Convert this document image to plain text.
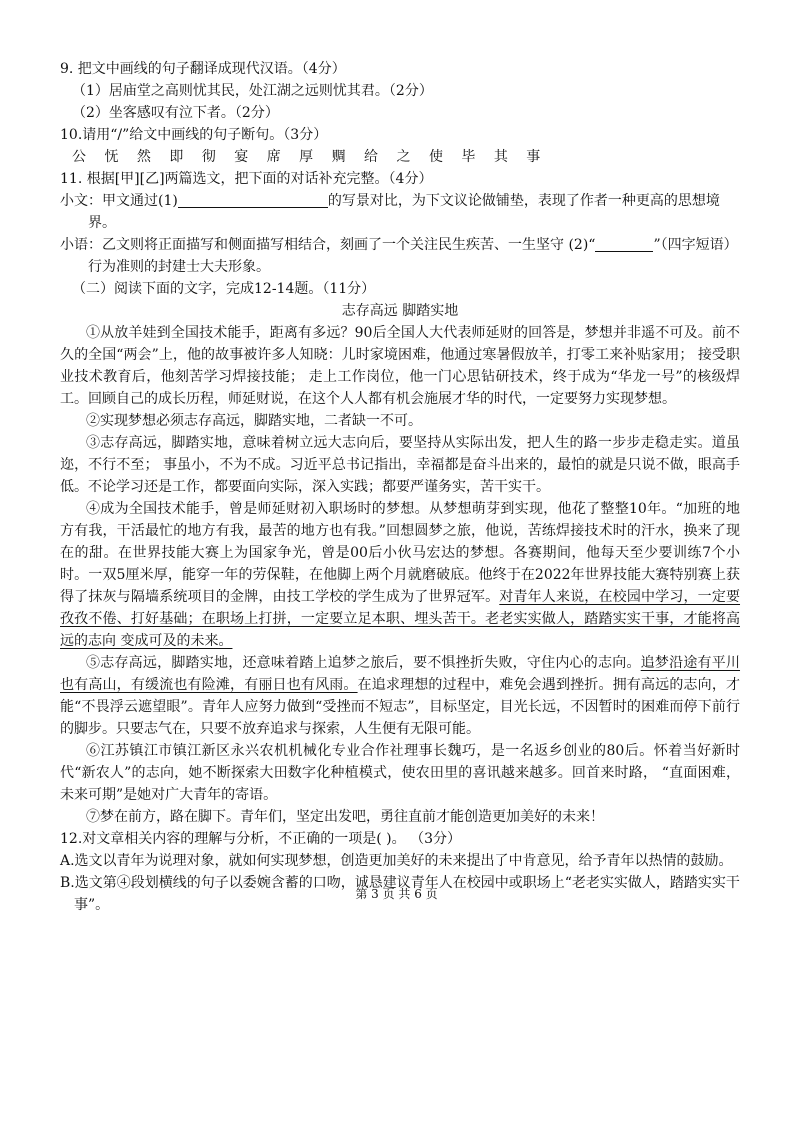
9. 把文中画线的句子翻译成现代汉语。（4分）
（1）居庙堂之高则忧其民，处江湖之远则忧其君。（2分）
（2）坐客感叹有泣下者。（2分）
10.请用“/”给文中画线的句子断句。（3分）
公 怃 然 即 彻 宴 席 厚 赒 给 之 使 毕 其 事
11. 根据[甲][乙]两篇选文，把下面的对话补充完整。（4分）
小文：甲文通过(1)	的写景对比，为下文议论做铺垫，表现了作者一种更高的思想境界。
小语：乙文则将正面描写和侧面描写相结合，刻画了一个关注民生疾苦、一生坚守 (2)“	”（四字短语）行为准则的封建士大夫形象。
（二）阅读下面的文字，完成12-14题。（11分）
志存高远 脚踏实地
①从放羊娃到全国技术能手，距离有多远？90后全国人大代表师延财的回答是，梦想并非遥不可及。前不久的全国“两会”上，他的故事被许多人知晓：儿时家境困难，他通过寒暑假放羊，打零工来补贴家用； 接受职业技术教育后，他刻苦学习焊接技能； 走上工作岗位，他一门心思钻研技术，终于成为“华龙一号”的核级焊工。回顾自己的成长历程，师延财说，在这个人人都有机会施展才华的时代，一定要努力实现梦想。
②实现梦想必须志存高远，脚踏实地，二者缺一不可。
③志存高远，脚踏实地，意味着树立远大志向后，要坚持从实际出发，把人生的路一步步走稳走实。道虽迩，不行不至； 事虽小，不为不成。习近平总书记指出，幸福都是奋斗出来的，最怕的就是只说不做，眼高手低。不论学习还是工作，都要面向实际，深入实践；都要严谨务实，苦干实干。
④成为全国技术能手，曾是师延财初入职场时的梦想。从梦想萌芽到实现，他花了整整10年。“加班的地方有我，干活最忙的地方有我，最苦的地方也有我。”回想圆梦之旅，他说，苦练焊接技术时的汗水，换来了现在的甜。在世界技能大赛上为国家争光，曾是00后小伙马宏达的梦想。各赛期间，他每天至少要训练7个小时。一双5厘米厚，能穿一年的劳保鞋，在他脚上两个月就磨破底。他终于在2022年世界技能大赛特别赛上获得了抹灰与隔墙系统项目的金牌，由技工学校的学生成为了世界冠军。对青年人来说，在校园中学习，一定要孜孜不倦、打好基础；在职场上打拼，一定要立足本职、埋头苦干。老老实实做人，踏踏实实干事，才能将高远的志向 变成可及的未来。
⑤志存高远，脚踏实地，还意味着踏上追梦之旅后，要不惧挫折失败，守住内心的志向。追梦沿途有平川也有高山，有缓流也有险滩，有丽日也有风雨。在追求理想的过程中，难免会遇到挫折。拥有高远的志向，才能“不畏浮云遮望眼”。青年人应努力做到“受挫而不短志”，目标坚定，目光长远，不因暂时的困难而停下前行的脚步。只要志气在，只要不放弃追求与探索，人生便有无限可能。
⑥江苏镇江市镇江新区永兴农机机械化专业合作社理事长魏巧，是一名返乡创业的80后。怀着当好新时代“新农人”的志向，她不断探索大田数字化种植模式，使农田里的喜讯越来越多。回首来时路， “直面困难，未来可期”是她对广大青年的寄语。
⑦梦在前方，路在脚下。青年们，坚定出发吧，勇往直前才能创造更加美好的未来！
12.对文章相关内容的理解与分析，不正确的一项是( )。 （3分）
A.选文以青年为说理对象，就如何实现梦想，创造更加美好的未来提出了中肯意见，给予青年以热情的鼓励。
B.选文第④段划横线的句子以委婉含蓄的口吻，诚恳建议青年人在校园中或职场上“老老实实做人，踏踏实实干事”。
第 3 页 共 6 页
